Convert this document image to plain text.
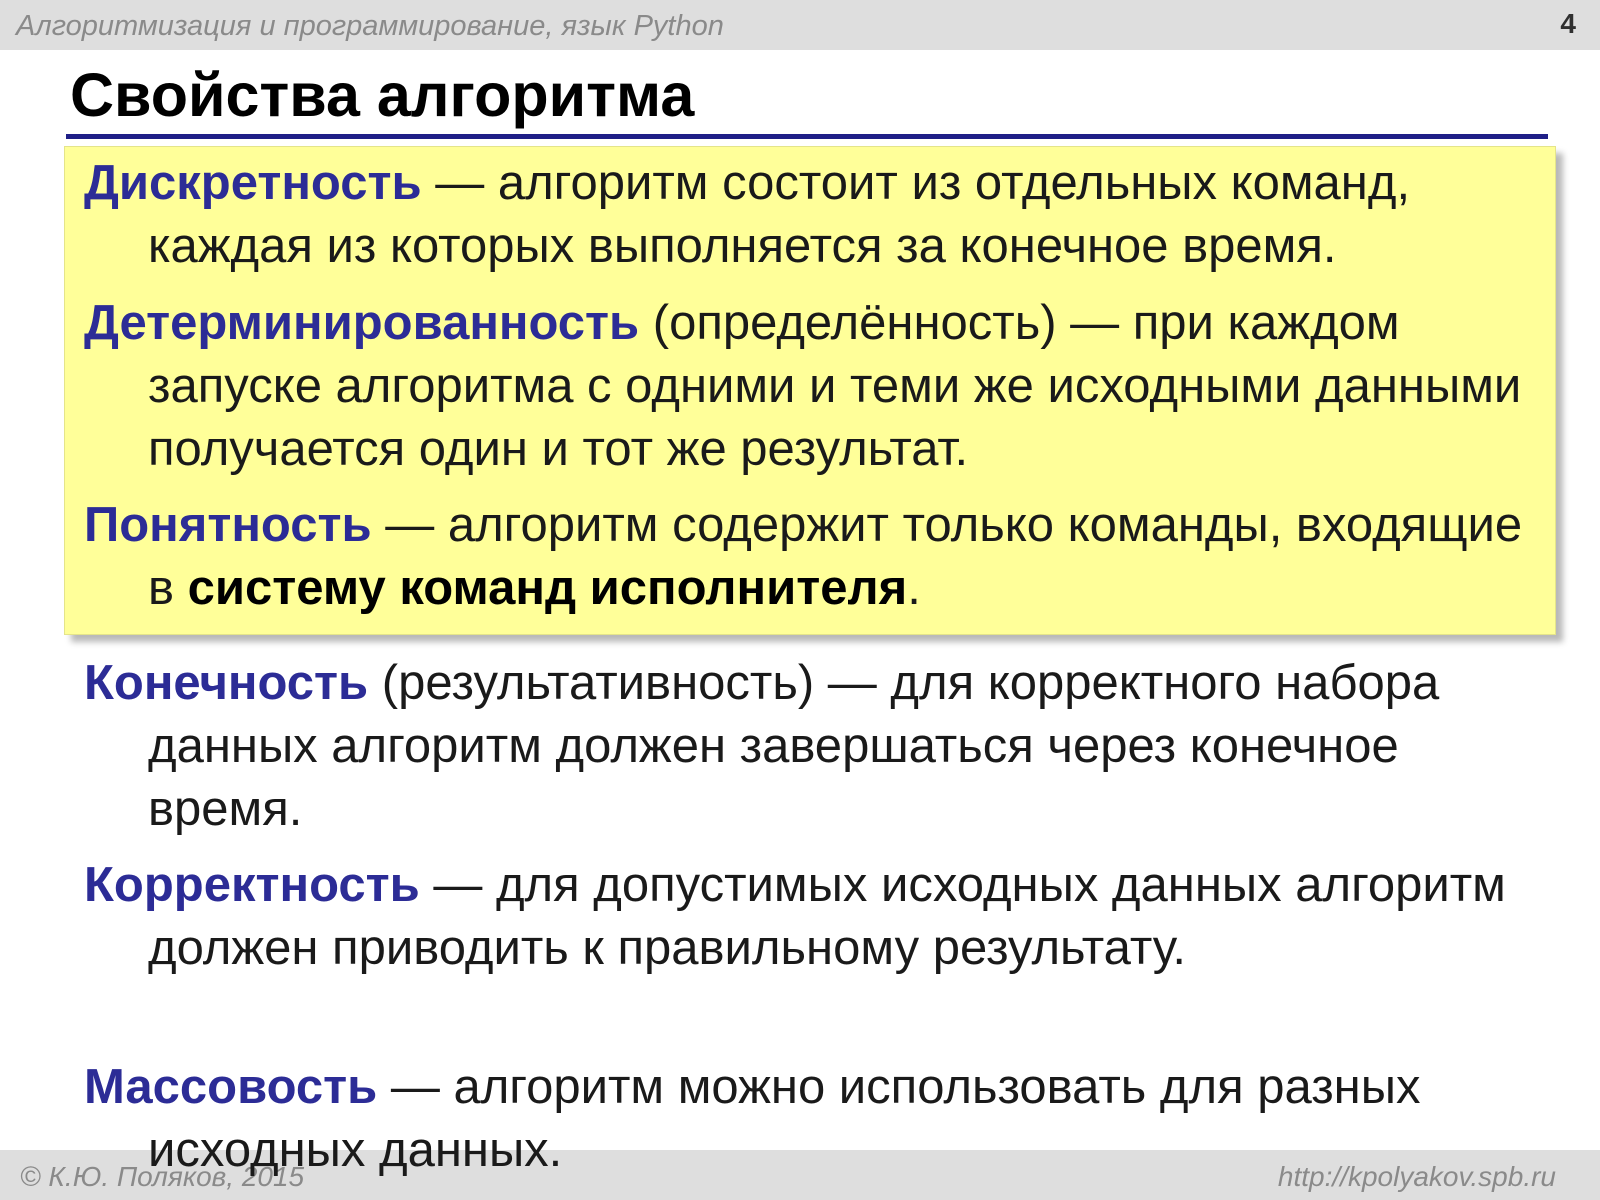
Алгоритмизация и программирование, язык Python	4
Свойства алгоритма

Дискретность — алгоритм состоит из отдельных команд, каждая из которых выполняется за конечное время.

Детерминированность (определённость) — при каждом запуске алгоритма с одними и теми же исходными данными получается один и тот же результат.

Понятность — алгоритм содержит только команды, входящие в систему команд исполнителя.

Конечность (результативность) — для корректного набора данных алгоритм должен завершаться через конечное время.

Корректность — для допустимых исходных данных алгоритм должен приводить к правильному результату.

© К.Ю. Поляков, 2015	http://kpolyakov.spb.ru

Массовость — алгоритм можно использовать для разных исходных данных.
